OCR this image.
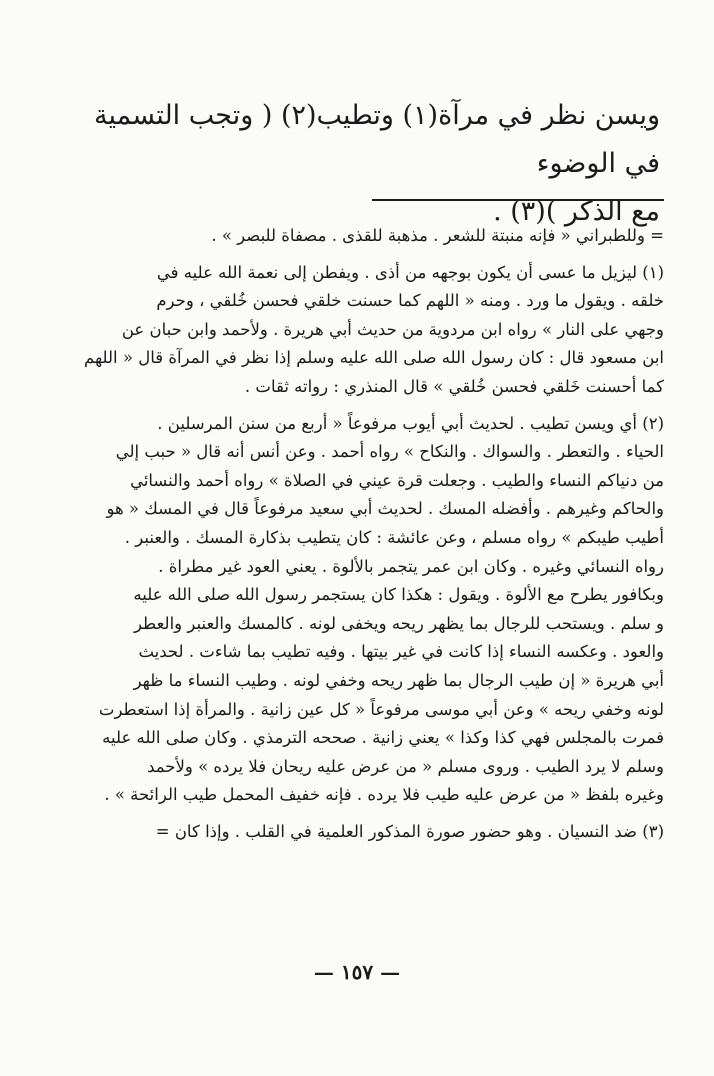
ويسن نظر في مرآة(١) وتطيب(٢) ( وتجب التسمية في الوضوء

مع الذكر )(٣) .

= وللطبراني « فإنه منبتة للشعر . مذهبة للقذى . مصفاة للبصر » .
(١) ليزيل ما عسى أن يكون بوجهه من أذى . ويفطن إلى نعمة الله عليه في
خلقه . ويقول ما ورد . ومنه « اللهم كما حسنت خلقي فحسن خُلقي ، وحرم
وجهي على النار » رواه ابن مردوية من حديث أبي هريرة . ولأحمد وابن حبان عن
ابن مسعود قال : كان رسول الله صلى الله عليه وسلم إذا نظر في المرآة قال « اللهم
كما أحسنت خَلقي فحسن خُلقي » قال المنذري : رواته ثقات .
(٢) أي ويسن تطيب . لحديث أبي أيوب مرفوعاً « أربع من سنن المرسلين .
الحياء . والتعطر . والسواك . والنكاح » رواه أحمد . وعن أنس أنه قال « حبب إلي
من دنياكم النساء والطيب . وجعلت قرة عيني في الصلاة » رواه أحمد والنسائي
والحاكم وغيرهم . وأفضله المسك . لحديث أبي سعيد مرفوعاً قال في المسك « هو
أطيب طيبكم » رواه مسلم ، وعن عائشة : كان يتطيب بذكارة المسك . والعنبر .
رواه النسائي وغيره . وكان ابن عمر يتجمر بالألوة . يعني العود غير مطراة .
وبكافور يطرح مع الألوة . ويقول : هكذا كان يستجمر رسول الله صلى الله عليه
و سلم . ويستحب للرجال بما يظهر ريحه ويخفى لونه . كالمسك والعنبر والعطر
والعود . وعكسه النساء إذا كانت في غير بيتها . وفيه تطيب بما شاءت . لحديث
أبي هريرة « إن طيب الرجال بما ظهر ريحه وخفي لونه . وطيب النساء ما ظهر
لونه وخفي ريحه » وعن أبي موسى مرفوعاً « كل عين زانية . والمرأة إذا استعطرت
فمرت بالمجلس فهي كذا وكذا » يعني زانية . صححه الترمذي . وكان صلى الله عليه
وسلم لا يرد الطيب . وروى مسلم « من عرض عليه ريحان فلا يرده » ولأحمد
وغيره بلفظ « من عرض عليه طيب فلا يرده . فإنه خفيف المحمل طيب الرائحة » .
(٣) ضد النسيان . وهو حضور صورة المذكور العلمية في القلب . وإذا كان =
— ١٥٧ —
